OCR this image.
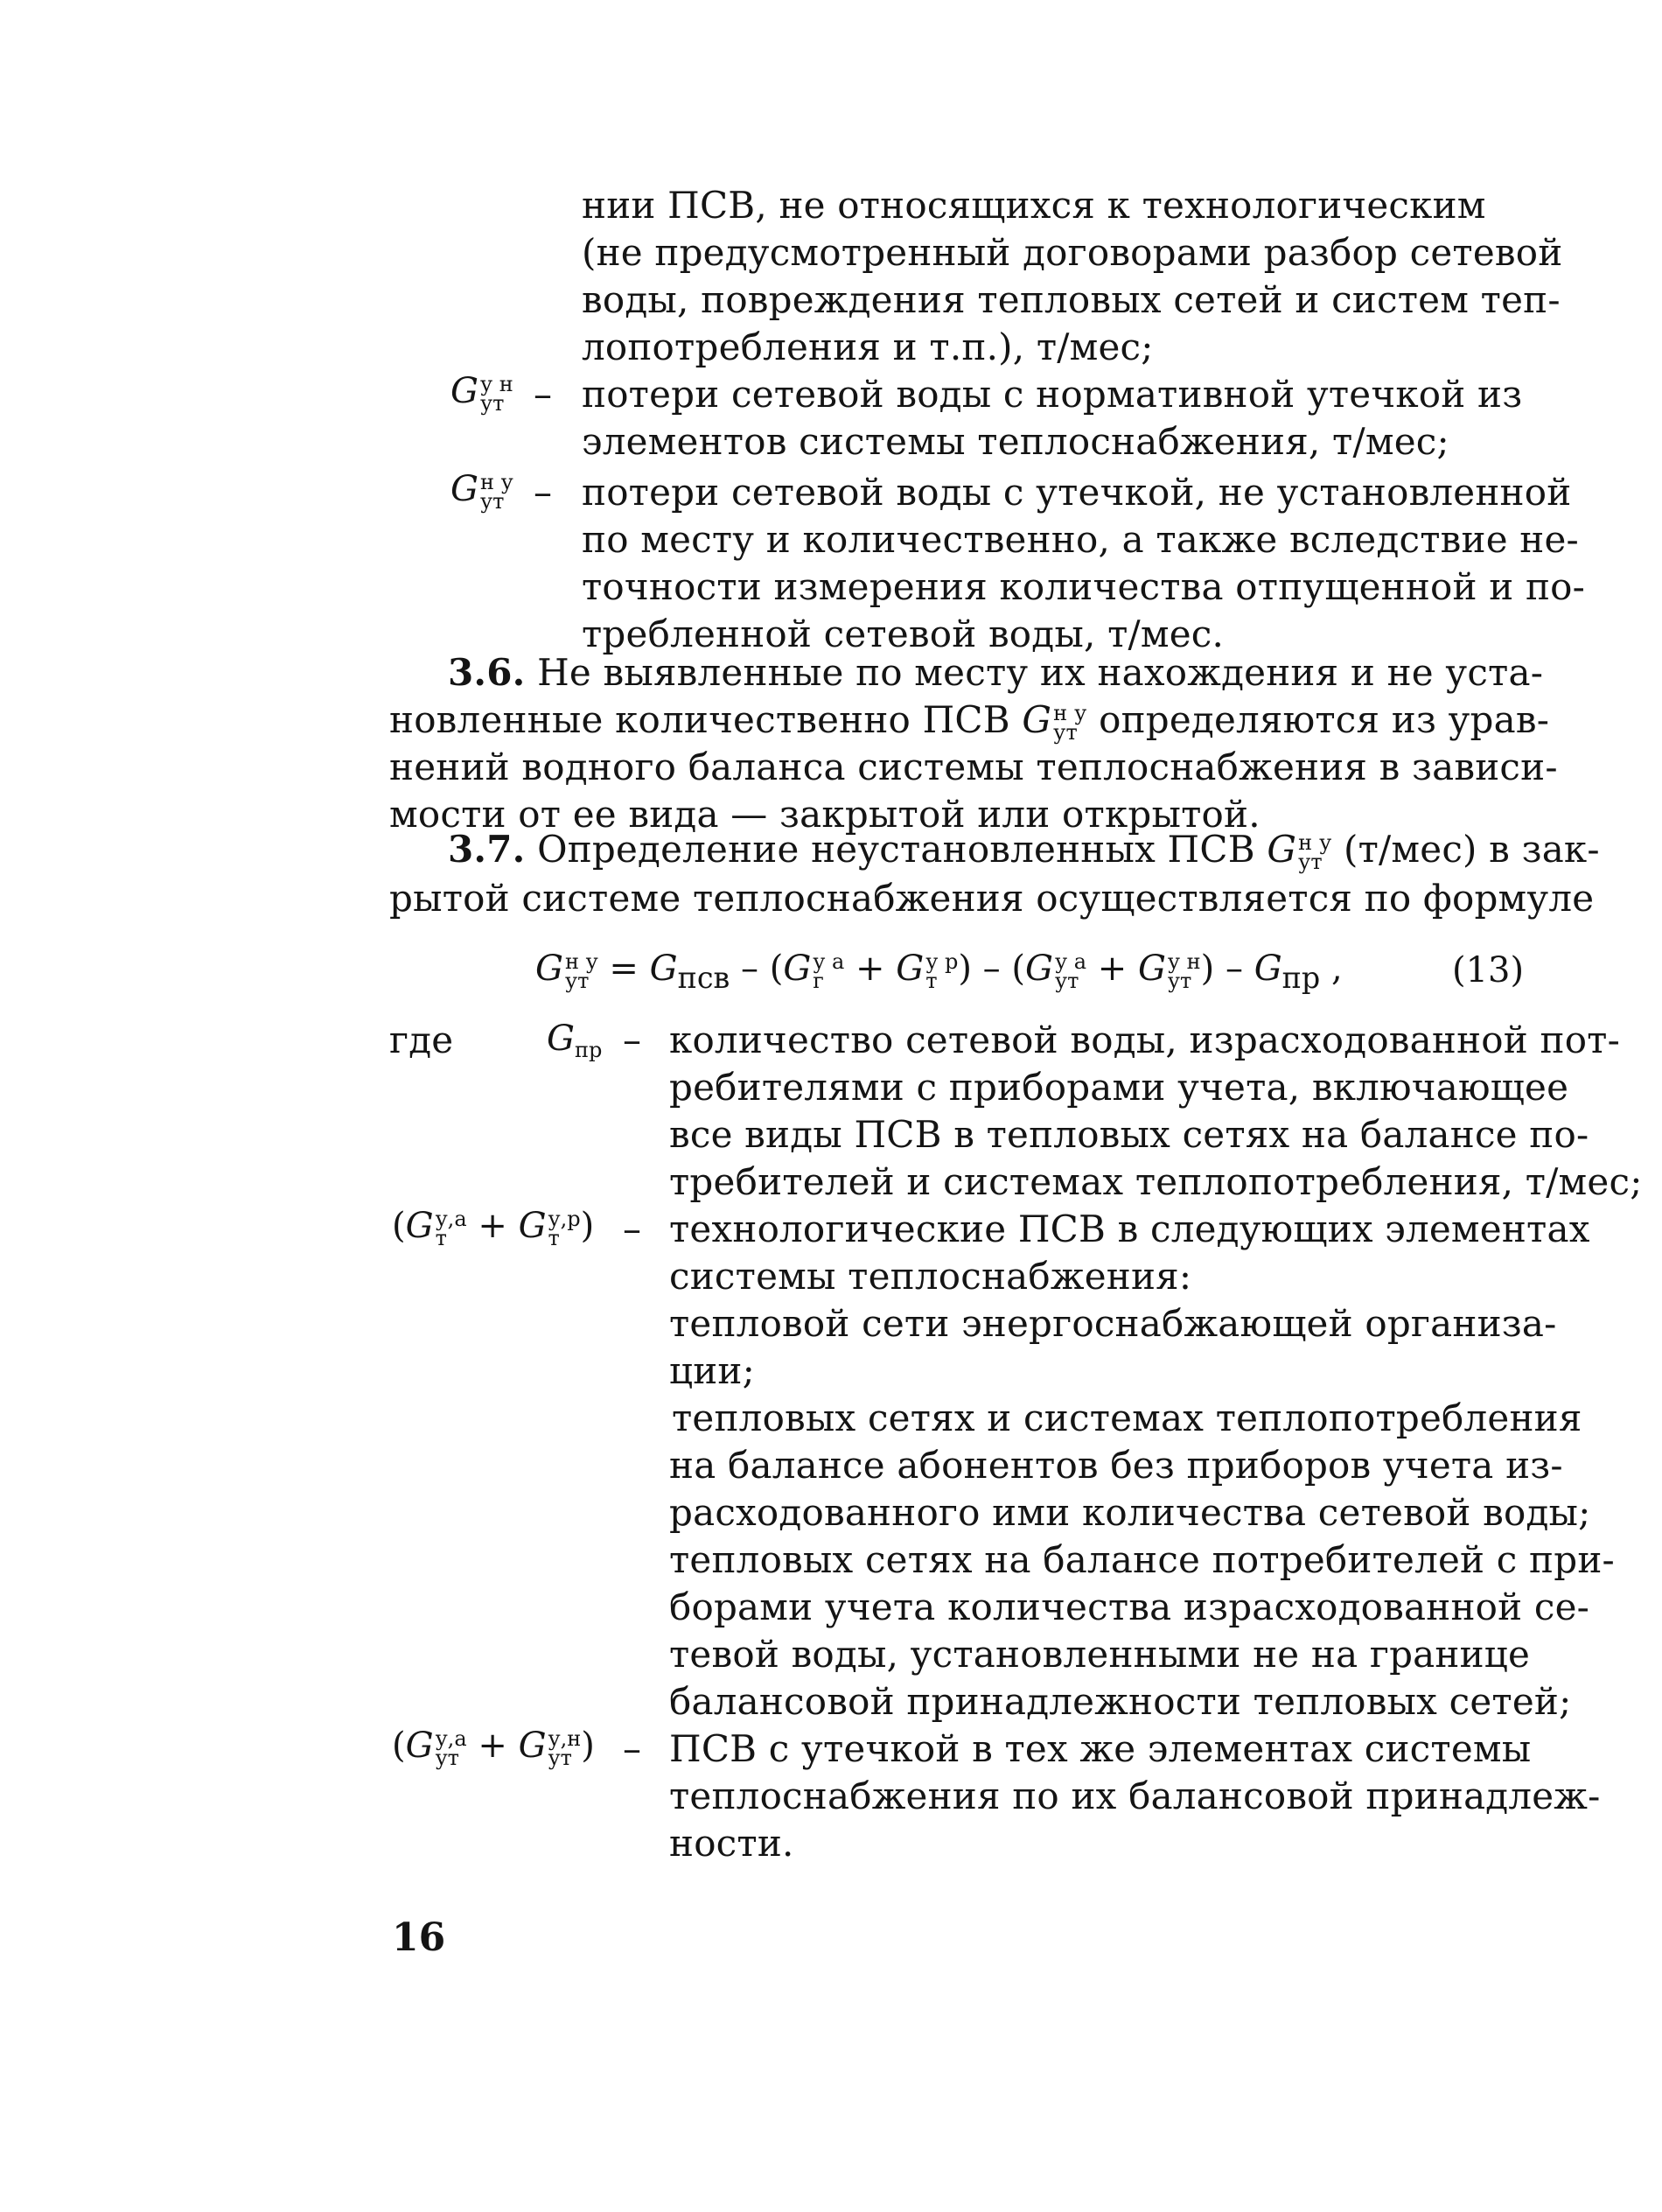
нии ПСВ, не относящихся к технологическим
(не предусмотренный договорами разбор сетевой
воды, повреждения тепловых сетей и систем теп-
лопотребления и т.п.), т/мес;
G у н
ут – потери сетевой воды с нормативной утечкой из
элементов системы теплоснабжения, т/мес;
G н у
ут – потери сетевой воды с утечкой, не установленной
по месту и количественно, а также вследствие не-
точности измерения количества отпущенной и по-
требленной сетевой воды, т/мес.
3.6. Не выявленные по месту их нахождения и не уста-
новленные количественно ПСВ G н у
ут определяются из урав-
нений водного баланса системы теплоснабжения в зависи-
мости от ее вида — закрытой или открытой.
3.7. Определение неустановленных ПСВ G н у
ут (т/мес) в зак-
рытой системе теплоснабжения осуществляется по формуле
G н у
ут = $G_{псв} - (G$ у а
г + G у р
т ) – (G у а
ут + G у н
ут ) – $G_{пр}$ ,	(13)
где	$G_{пр}$ – количество сетевой воды, израсходованной пот-
ребителями с приборами учета, включающее
все виды ПСВ в тепловых сетях на балансе по-
требителей и системах теплопотребления, т/мес;
(G у,а
т + G у,р
т ) – технологические ПСВ в следующих элементах
системы теплоснабжения:
тепловой сети энергоснабжающей организа-
ции;
тепловых сетях и системах теплопотребления
на балансе абонентов без приборов учета из-
расходованного ими количества сетевой воды;
тепловых сетях на балансе потребителей с при-
борами учета количества израсходованной се-
тевой воды, установленными не на границе
балансовой принадлежности тепловых сетей;
(G у,а
ут + G у,н
ут ) – ПСВ с утечкой в тех же элементах системы
теплоснабжения по их балансовой принадлеж-
ности.
16
